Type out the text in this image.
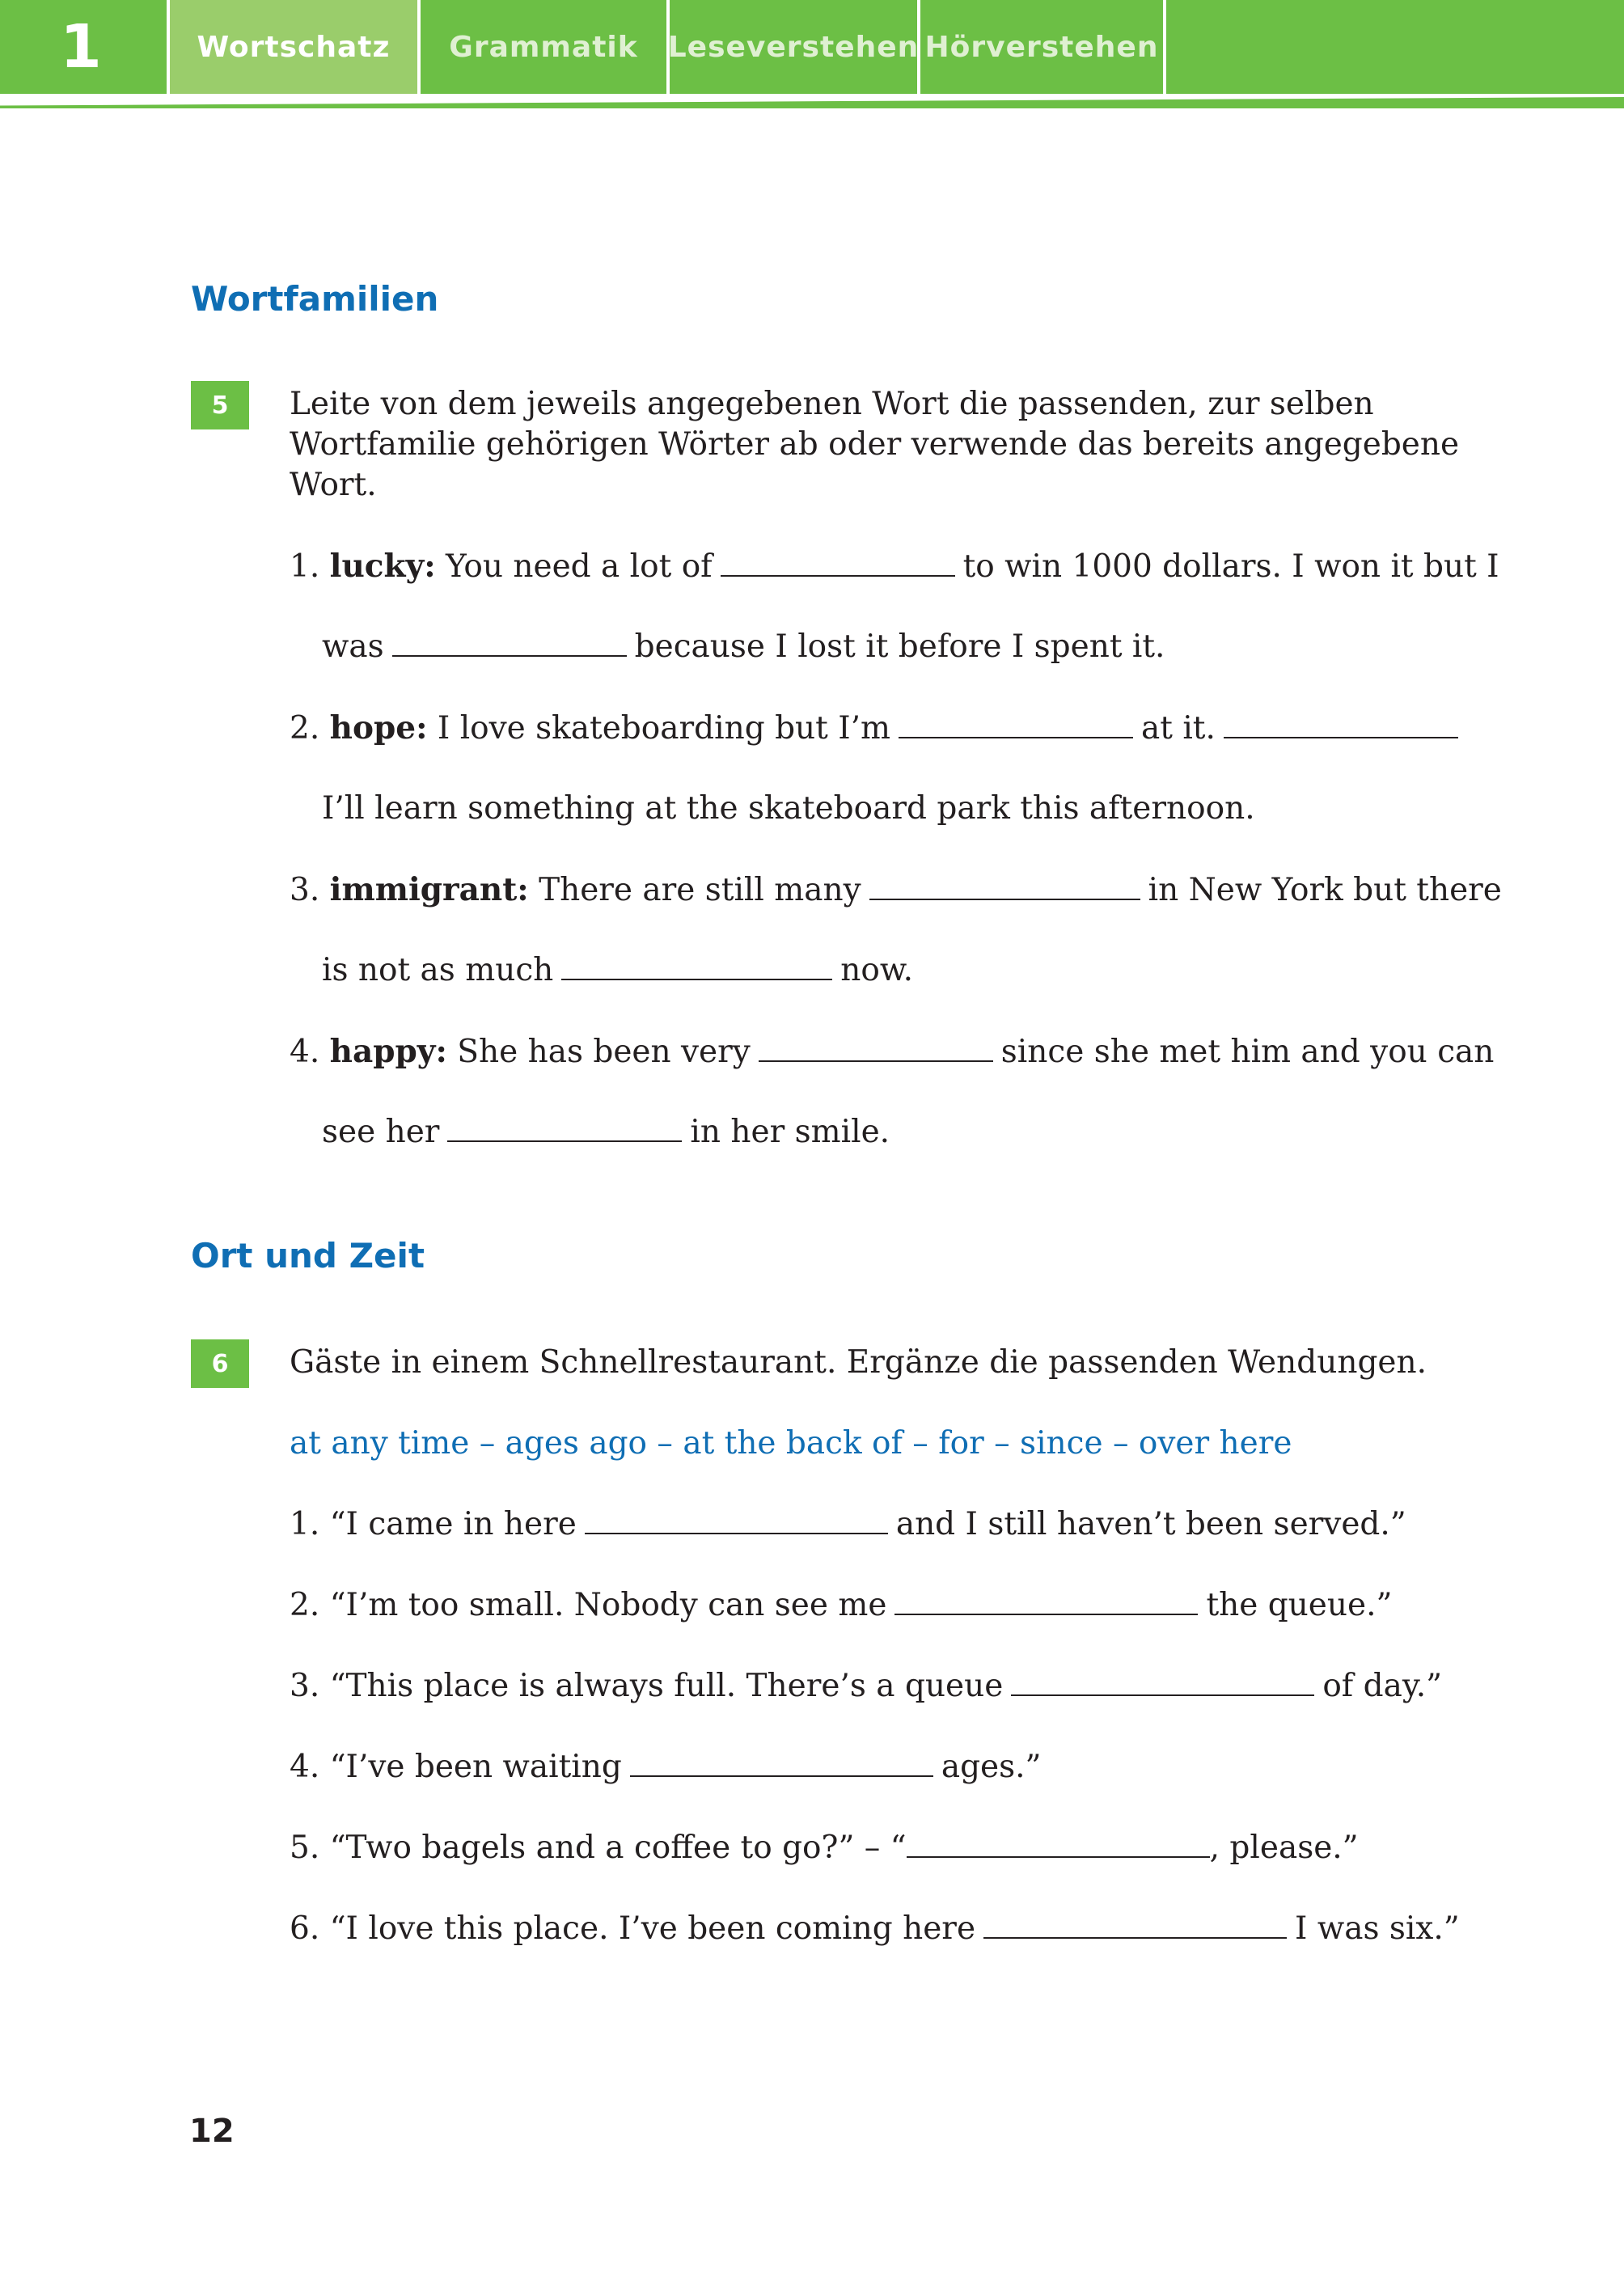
1	Wortschatz	Grammatik	Leseverstehen Hörverstehen
Wortfamilien
5	Leite von dem jeweils angegebenen Wort die passenden, zur selben
Wortfamilie gehörigen Wörter ab oder verwende das bereits angegebene
Wort.
1. lucky: You need a lot of	to win 1000 dollars. I won it but I
was	because I lost it before I spent it.
2. hope: I love skateboarding but I’m	at it.
I’ll learn something at the skateboard park this afternoon.
3. immigrant: There are still many	in New York but there
is not as much	now.
4. happy: She has been very	since she met him and you can
see her	in her smile.
Ort und Zeit
6	Gäste in einem Schnellrestaurant. Ergänze die passenden Wendungen.
at any time – ages ago – at the back of – for – since – over here
1. “I came in here	and I still haven’t been served.”
2. “I’m too small. Nobody can see me	the queue.”
3. “This place is always full. There’s a queue	of day.”
4. “I’ve been waiting	ages.”
5. “Two bagels and a coffee to go?” – “	, please.”
6. “I love this place. I’ve been coming here	I was six.”
12
